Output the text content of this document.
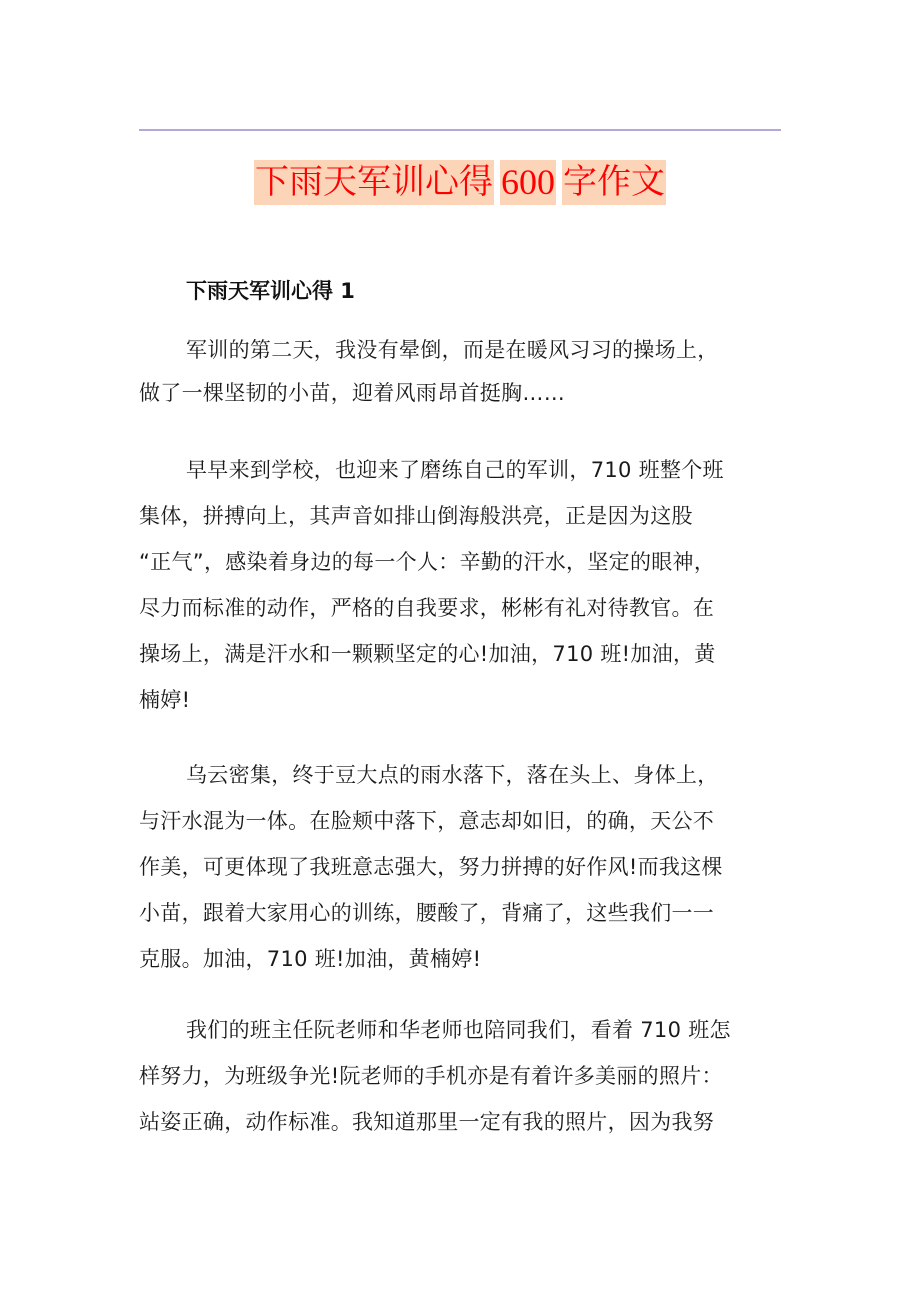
下雨天军训心得 600 字作文
下雨天军训心得 1
军训的第二天，我没有晕倒，而是在暖风习习的操场上，
做了一棵坚韧的小苗，迎着风雨昂首挺胸……
早早来到学校，也迎来了磨练自己的军训，710 班整个班
集体，拼搏向上，其声音如排山倒海般洪亮，正是因为这股
“正气”，感染着身边的每一个人：辛勤的汗水，坚定的眼神，
尽力而标准的动作，严格的自我要求，彬彬有礼对待教官。在
操场上，满是汗水和一颗颗坚定的心!加油，710 班!加油，黄
楠婷!
乌云密集，终于豆大点的雨水落下，落在头上、身体上，
与汗水混为一体。在脸颊中落下，意志却如旧，的确，天公不
作美，可更体现了我班意志强大，努力拼搏的好作风!而我这棵
小苗，跟着大家用心的训练，腰酸了，背痛了，这些我们一一
克服。加油，710 班!加油，黄楠婷!
我们的班主任阮老师和华老师也陪同我们，看着 710 班怎
样努力，为班级争光!阮老师的手机亦是有着许多美丽的照片：
站姿正确，动作标准。我知道那里一定有我的照片，因为我努
